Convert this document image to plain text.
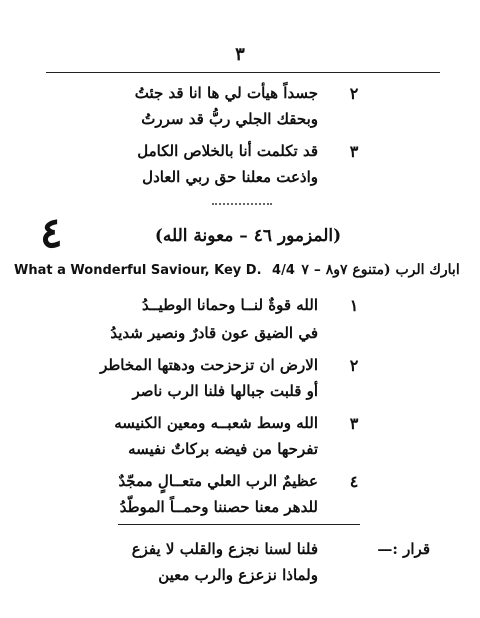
٣
٢
جسداً هيأت لي ها انا قد جئتُ
وبحقك الجلي ربُّ قد سررتُ
٣
قد تكلمت أنا بالخلاص الكامل
واذعت معلنا حق ربي العادل
٤	(المزمور ٤٦ – معونة الله)
What a Wonderful Saviour, Key D. 4/4 ابارك الرب (متنوع ٧و٨ – ٧
١
الله قوةٌ لنــا وحمانا الوطيــدُ
في الضيق عون قادرٌ ونصير شديدُ
٢
الارض ان تزحزحت ودهتها المخاطر
أو قلبت جبالها فلنا الرب ناصر
٣
الله وسط شعبــه ومعين الكنيسه
تفرحها من فيضه بركاتٌ نفيسه
٤
عظيمٌ الرب العلي متعــالٍ ممجّدٌ
للدهر معنا حصننا وحمــاً الموطّدُ
قرار :—
فلنا لسنا نجزع والقلب لا يفزع
ولماذا نزعزع والرب معين
